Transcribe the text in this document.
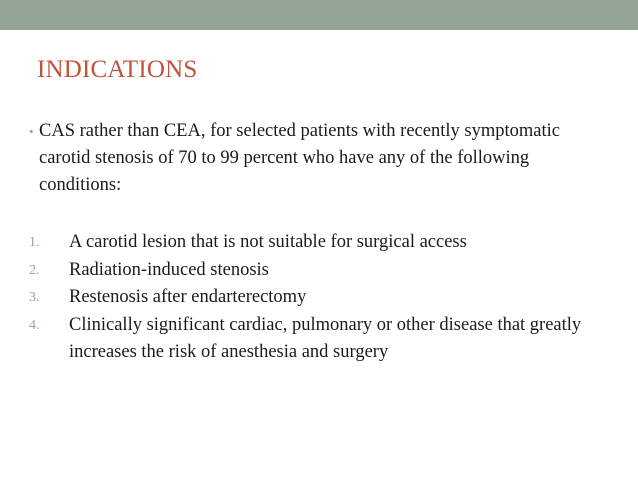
INDICATIONS
• CAS rather than CEA, for selected patients with recently symptomatic carotid stenosis of 70 to 99 percent who have any of the following conditions:
1. A carotid lesion that is not suitable for surgical access
2. Radiation-induced stenosis
3. Restenosis after endarterectomy
4. Clinically significant cardiac, pulmonary or other disease that greatly increases the risk of anesthesia and surgery
